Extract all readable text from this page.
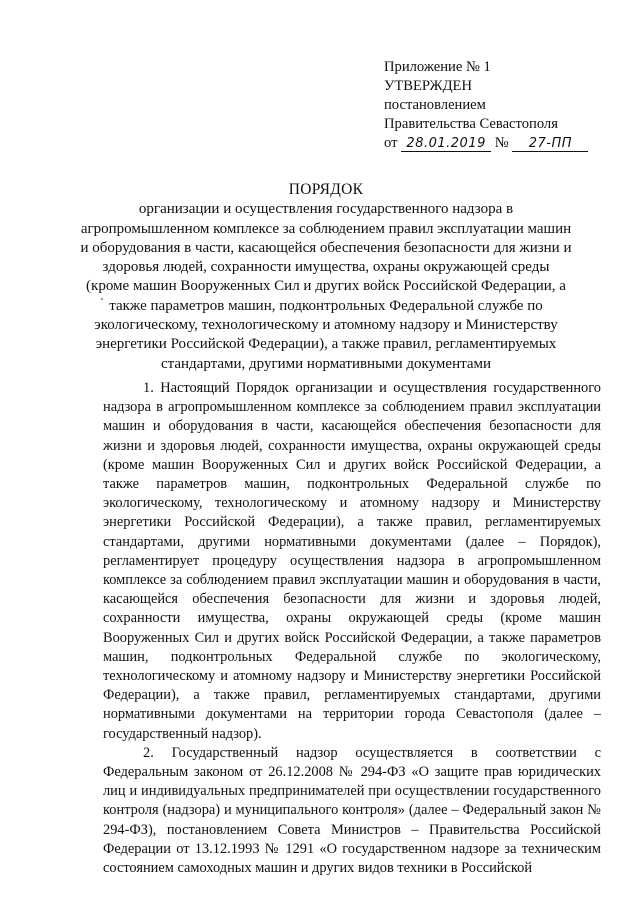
Приложение № 1
УТВЕРЖДЕН
постановлением
Правительства Севастополя
от 28.01.2019 № 27-ПП
ПОРЯДОК
организации и осуществления государственного надзора в агропромышленном комплексе за соблюдением правил эксплуатации машин и оборудования в части, касающейся обеспечения безопасности для жизни и здоровья людей, сохранности имущества, охраны окружающей среды (кроме машин Вооруженных Сил и других войск Российской Федерации, а также параметров машин, подконтрольных Федеральной службе по экологическому, технологическому и атомному надзору и Министерству энергетики Российской Федерации), а также правил, регламентируемых стандартами, другими нормативными документами

1. Настоящий Порядок организации и осуществления государственного надзора в агропромышленном комплексе за соблюдением правил эксплуатации машин и оборудования в части, касающейся обеспечения безопасности для жизни и здоровья людей, сохранности имущества, охраны окружающей среды (кроме машин Вооруженных Сил и других войск Российской Федерации, а также параметров машин, подконтрольных Федеральной службе по экологическому, технологическому и атомному надзору и Министерству энергетики Российской Федерации), а также правил, регламентируемых стандартами, другими нормативными документами (далее – Порядок), регламентирует процедуру осуществления надзора в агропромышленном комплексе за соблюдением правил эксплуатации машин и оборудования в части, касающейся обеспечения безопасности для жизни и здоровья людей, сохранности имущества, охраны окружающей среды (кроме машин Вооруженных Сил и других войск Российской Федерации, а также параметров машин, подконтрольных Федеральной службе по экологическому, технологическому и атомному надзору и Министерству энергетики Российской Федерации), а также правил, регламентируемых стандартами, другими нормативными документами на территории города Севастополя (далее – государственный надзор).

2. Государственный надзор осуществляется в соответствии с Федеральным законом от 26.12.2008 № 294-ФЗ «О защите прав юридических лиц и индивидуальных предпринимателей при осуществлении государственного контроля (надзора) и муниципального контроля» (далее – Федеральный закон № 294-ФЗ), постановлением Совета Министров – Правительства Российской Федерации от 13.12.1993 № 1291 «О государственном надзоре за техническим состоянием самоходных машин и других видов техники в Российской
